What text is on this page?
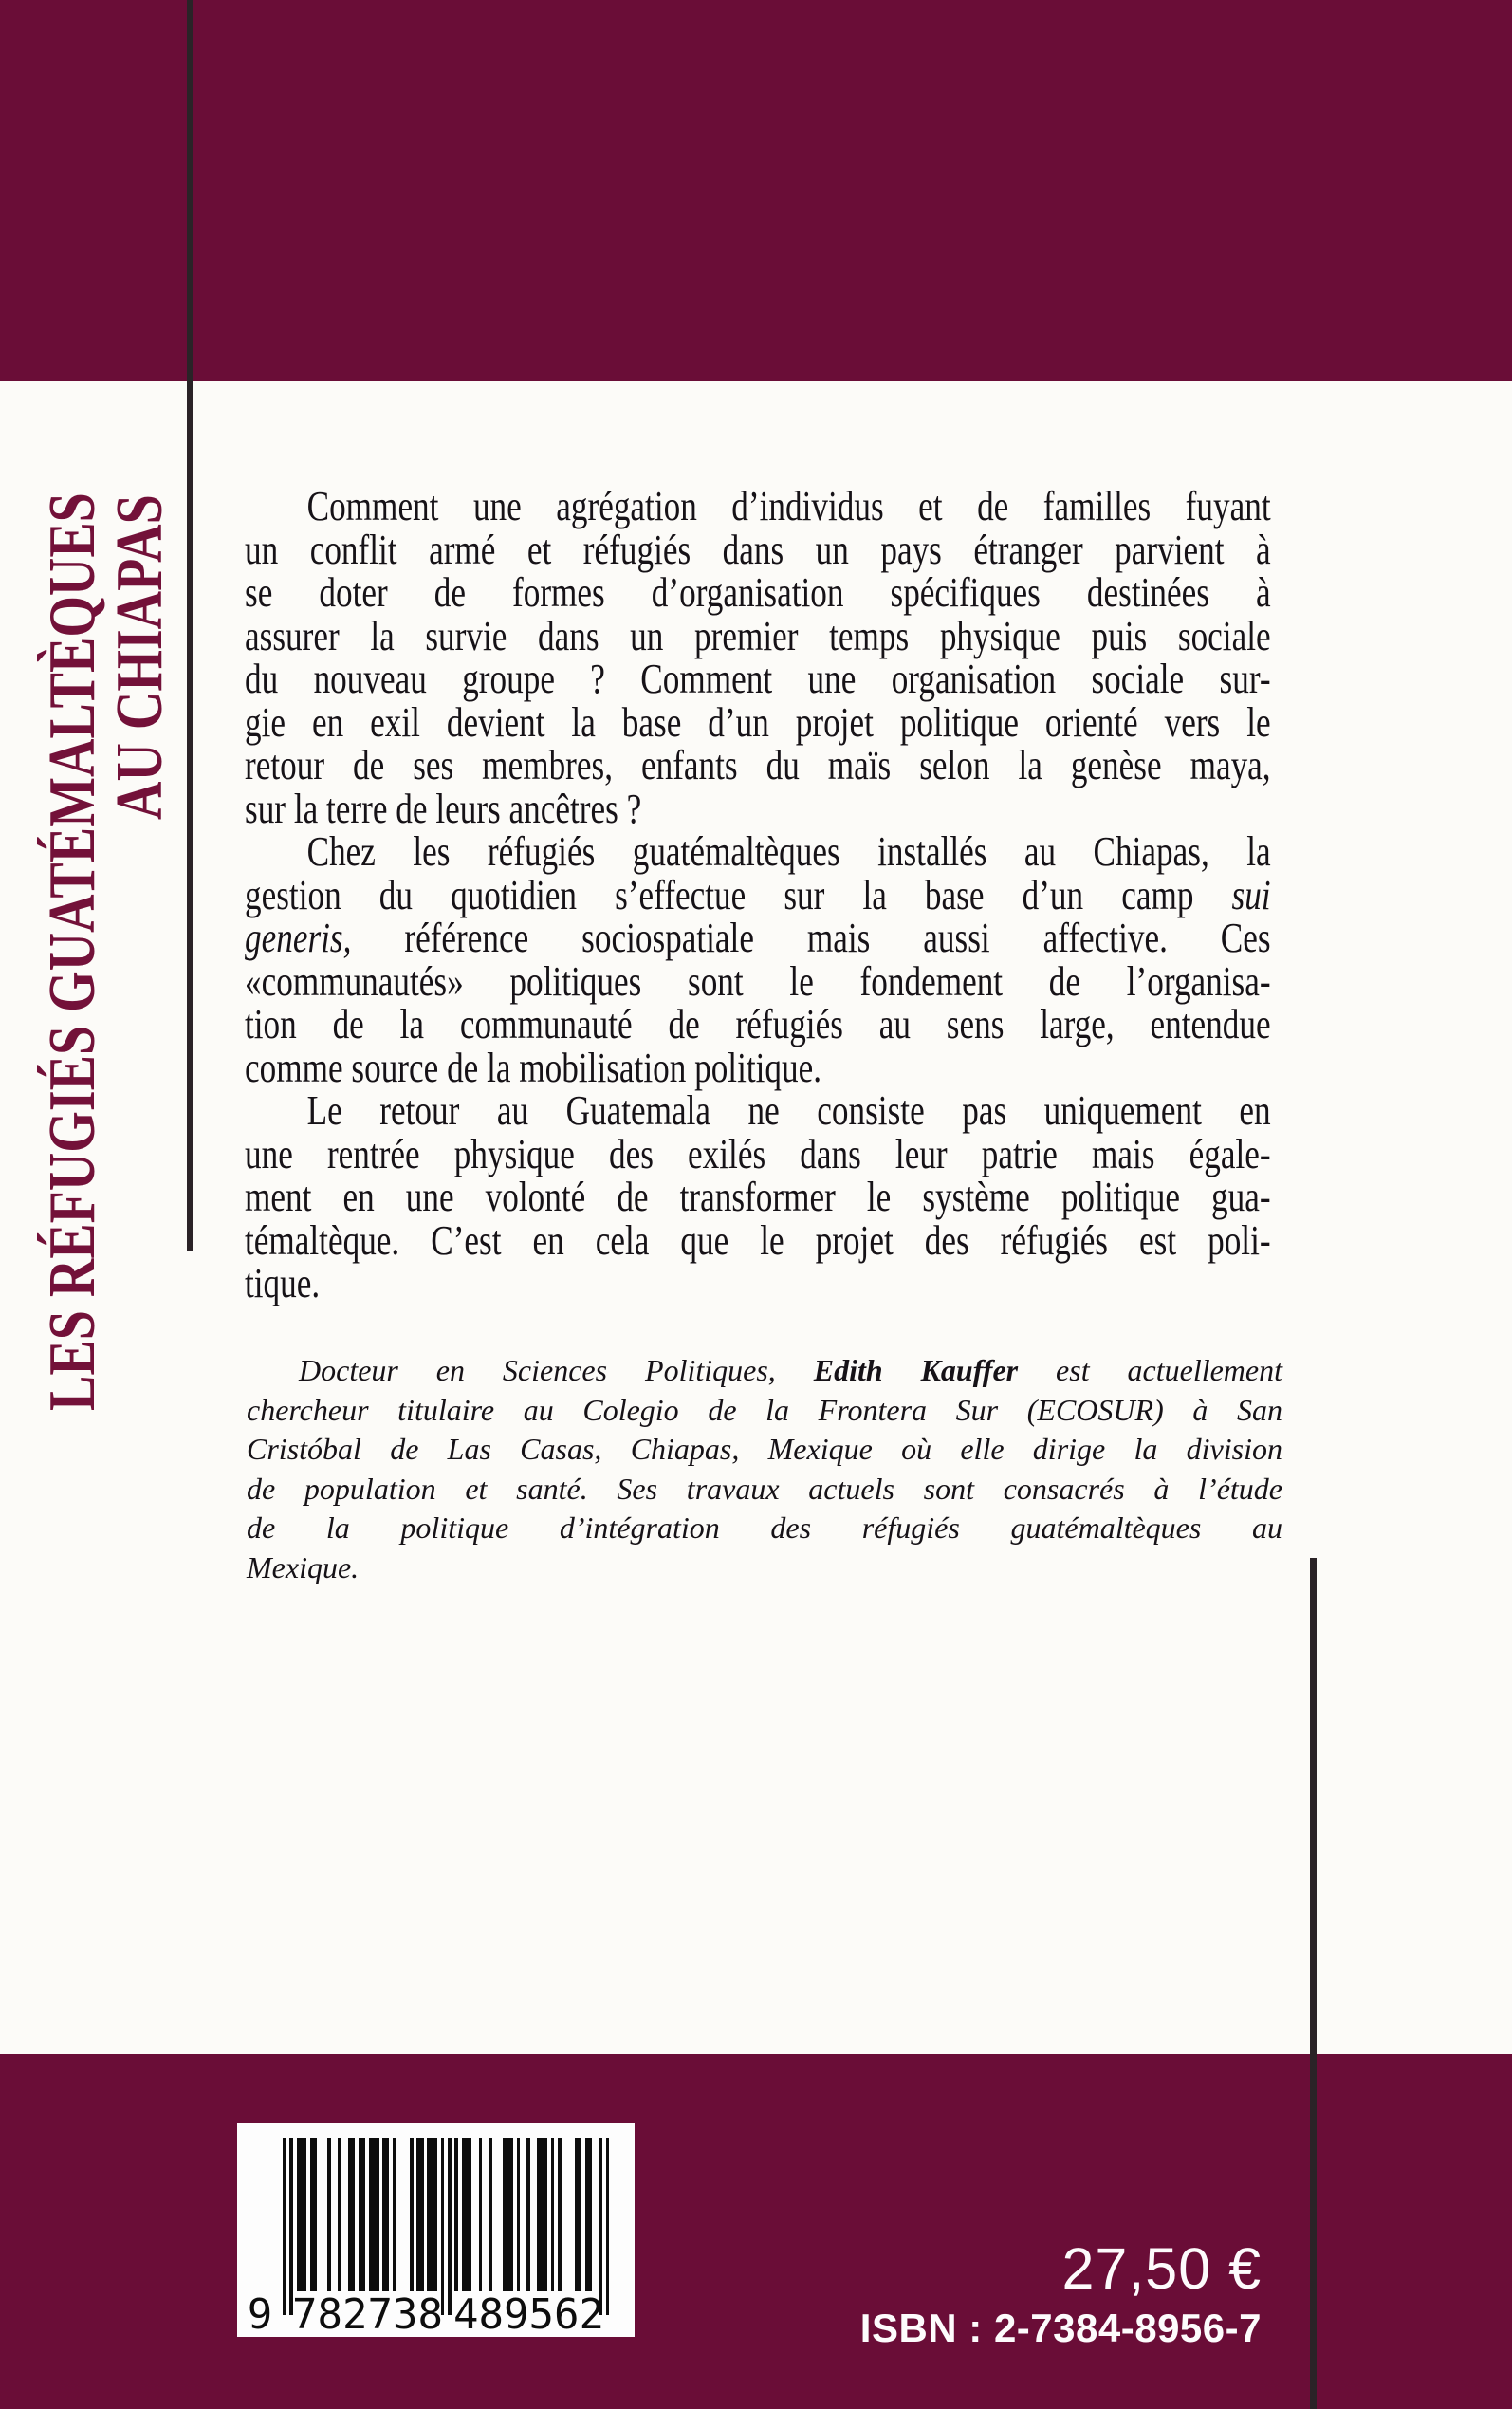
LES RÉFUGIÉS GUATÉMALTÈQUES
AU CHIAPAS	Comment une agrégation d’individus et de familles fuyant
un conflit armé et réfugiés dans un pays étranger parvient à
se doter de formes d’organisation spécifiques destinées à
assurer la survie dans un premier temps physique puis sociale
du nouveau groupe ? Comment une organisation sociale sur-
gie en exil devient la base d’un projet politique orienté vers le
retour de ses membres, enfants du maïs selon la genèse maya,
sur la terre de leurs ancêtres ?
Chez les réfugiés guatémaltèques installés au Chiapas, la
gestion du quotidien s’effectue sur la base d’un camp sui
generis, référence sociospatiale mais aussi affective. Ces
«communautés» politiques sont le fondement de l’organisa-
tion de la communauté de réfugiés au sens large, entendue
comme source de la mobilisation politique.
Le retour au Guatemala ne consiste pas uniquement en
une rentrée physique des exilés dans leur patrie mais égale-
ment en une volonté de transformer le système politique gua-
témaltèque. C’est en cela que le projet des réfugiés est poli-
tique.
Docteur en Sciences Politiques, Edith Kauffer est actuellement
chercheur titulaire au Colegio de la Frontera Sur (ECOSUR) à San
Cristóbal de Las Casas, Chiapas, Mexique où elle dirige la division
de population et santé. Ses travaux actuels sont consacrés à l’étude
de la politique d’intégration des réfugiés guatémaltèques au
Mexique.
9 782738 489562
27,50 €
ISBN : 2-7384-8956-7
